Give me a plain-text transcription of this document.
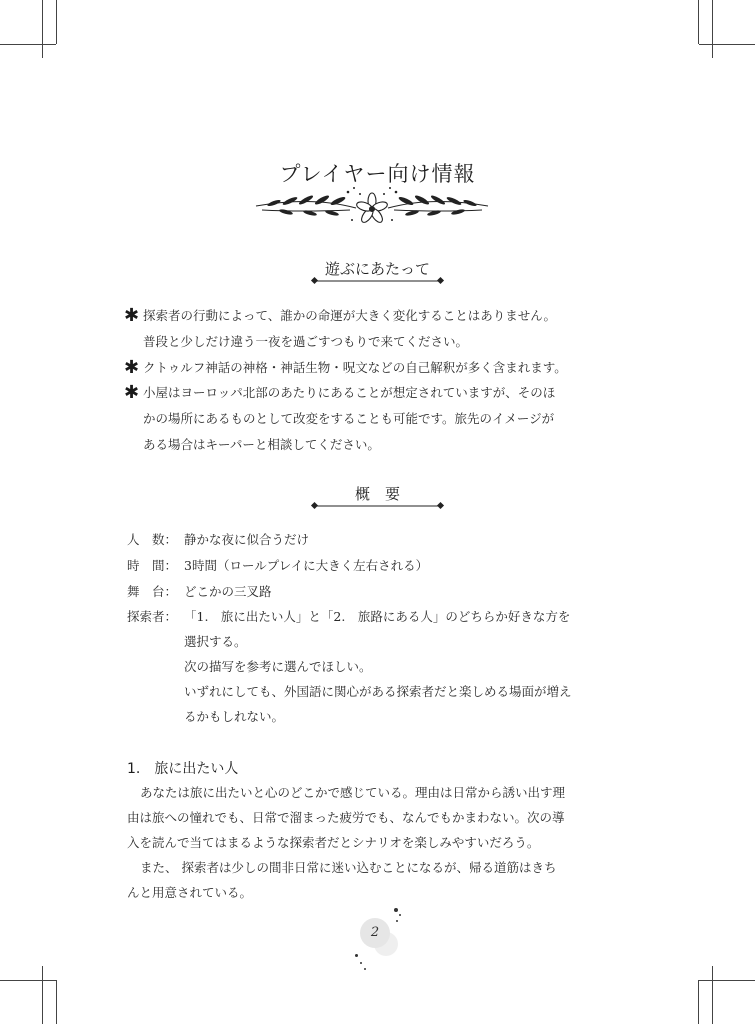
プレイヤー向け情報
遊ぶにあたって
✱ 探索者の行動によって、誰かの命運が大きく変化することはありません。
普段と少しだけ違う一夜を過ごすつもりで来てください。
✱ クトゥルフ神話の神格・神話生物・呪文などの自己解釈が多く含まれます。
✱ 小屋はヨーロッパ北部のあたりにあることが想定されていますが、そのほ
かの場所にあるものとして改変をすることも可能です。旅先のイメージが
ある場合はキーパーと相談してください。
概　要
人　数： 静かな夜に似合うだけ
時　間： 3時間（ロールプレイに大きく左右される）
舞　台： どこかの三叉路
探索者： 「1.　旅に出たい人」と「2.　旅路にある人」のどちらか好きな方を
選択する。
次の描写を参考に選んでほしい。
いずれにしても、外国語に関心がある探索者だと楽しめる場面が増え
るかもしれない。
1.　旅に出たい人
あなたは旅に出たいと心のどこかで感じている。理由は日常から誘い出す理
由は旅への憧れでも、日常で溜まった疲労でも、なんでもかまわない。次の導
入を読んで当てはまるような探索者だとシナリオを楽しみやすいだろう。
また、 探索者は少しの間非日常に迷い込むことになるが、帰る道筋はきち
んと用意されている。
2
